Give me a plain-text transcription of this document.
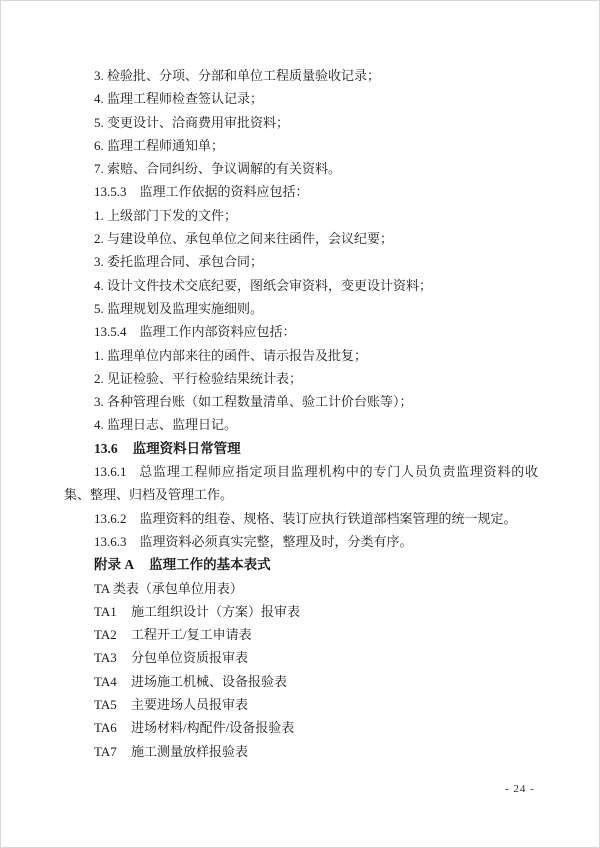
3. 检验批、分项、分部和单位工程质量验收记录；
4. 监理工程师检查签认记录；
5. 变更设计、洽商费用审批资料；
6. 监理工程师通知单；
7. 索赔、合同纠纷、争议调解的有关资料。
13.5.3 监理工作依据的资料应包括：
1. 上级部门下发的文件；
2. 与建设单位、承包单位之间来往函件，会议纪要；
3. 委托监理合同、承包合同；
4. 设计文件技术交底纪要，图纸会审资料，变更设计资料；
5. 监理规划及监理实施细则。
13.5.4 监理工作内部资料应包括：
1. 监理单位内部来往的函件、请示报告及批复；
2. 见证检验、平行检验结果统计表；
3. 各种管理台账（如工程数量清单、验工计价台账等）；
4. 监理日志、监理日记。
13.6 监理资料日常管理
13.6.1 总监理工程师应指定项目监理机构中的专门人员负责监理资料的收集、整理、归档及管理工作。
13.6.2 监理资料的组卷、规格、装订应执行铁道部档案管理的统一规定。
13.6.3 监理资料必须真实完整，整理及时，分类有序。
附录 A 监理工作的基本表式
TA 类表（承包单位用表）
TA1 施工组织设计（方案）报审表
TA2 工程开工/复工申请表
TA3 分包单位资质报审表
TA4 进场施工机械、设备报验表
TA5 主要进场人员报审表
TA6 进场材料/构配件/设备报验表
TA7 施工测量放样报验表
- 24 -
